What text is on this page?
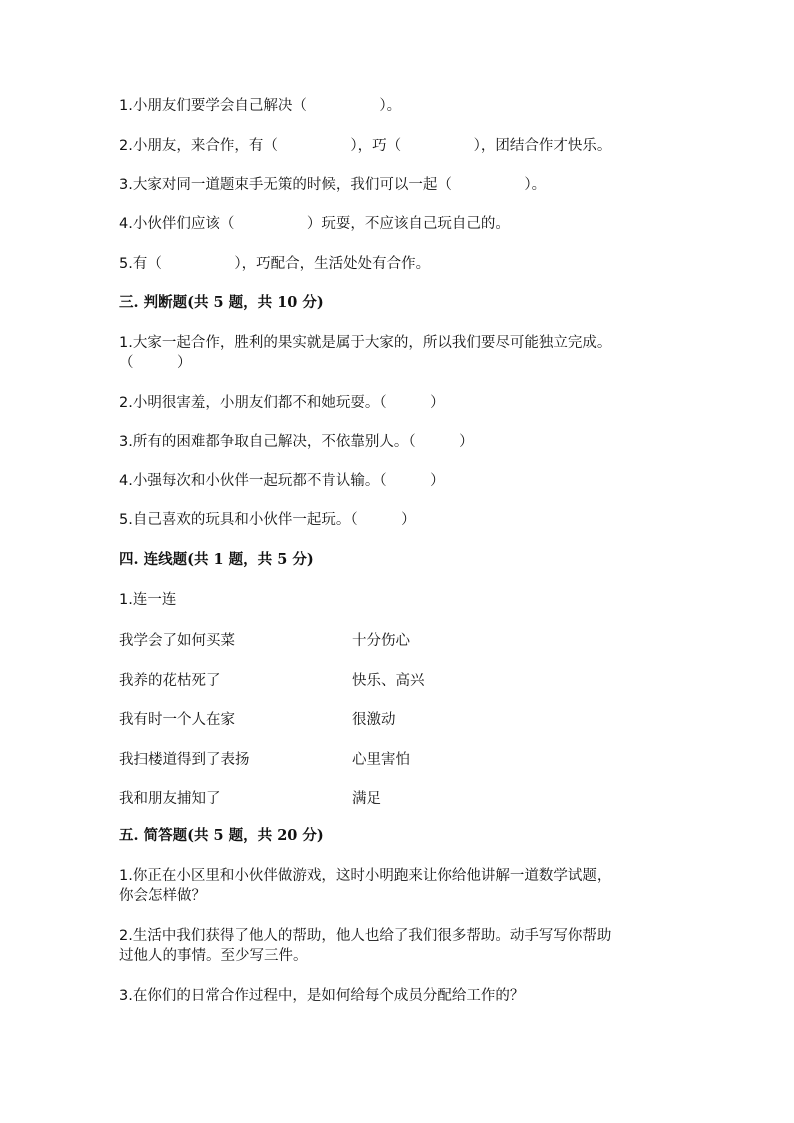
1.小朋友们要学会自己解决（　　　　　）。
2.小朋友，来合作，有（　　　　　），巧（　　　　　），团结合作才快乐。
3.大家对同一道题束手无策的时候，我们可以一起（　　　　　）。
4.小伙伴们应该（　　　　　）玩耍，不应该自己玩自己的。
5.有（　　　　　），巧配合，生活处处有合作。
三. 判断题(共 5 题，共 10 分)
1.大家一起合作，胜利的果实就是属于大家的，所以我们要尽可能独立完成。
（　　　）
2.小明很害羞，小朋友们都不和她玩耍。（　　　）
3.所有的困难都争取自己解决，不依靠别人。（　　　）
4.小强每次和小伙伴一起玩都不肯认输。（　　　）
5.自己喜欢的玩具和小伙伴一起玩。（　　　）
四. 连线题(共 1 题，共 5 分)
1.连一连
我学会了如何买菜	十分伤心
我养的花枯死了	快乐、高兴
我有时一个人在家	很激动
我扫楼道得到了表扬	心里害怕
我和朋友捕知了	满足
五. 简答题(共 5 题，共 20 分)
1.你正在小区里和小伙伴做游戏，这时小明跑来让你给他讲解一道数学试题，
你会怎样做？
2.生活中我们获得了他人的帮助，他人也给了我们很多帮助。动手写写你帮助
过他人的事情。至少写三件。
3.在你们的日常合作过程中，是如何给每个成员分配给工作的？
